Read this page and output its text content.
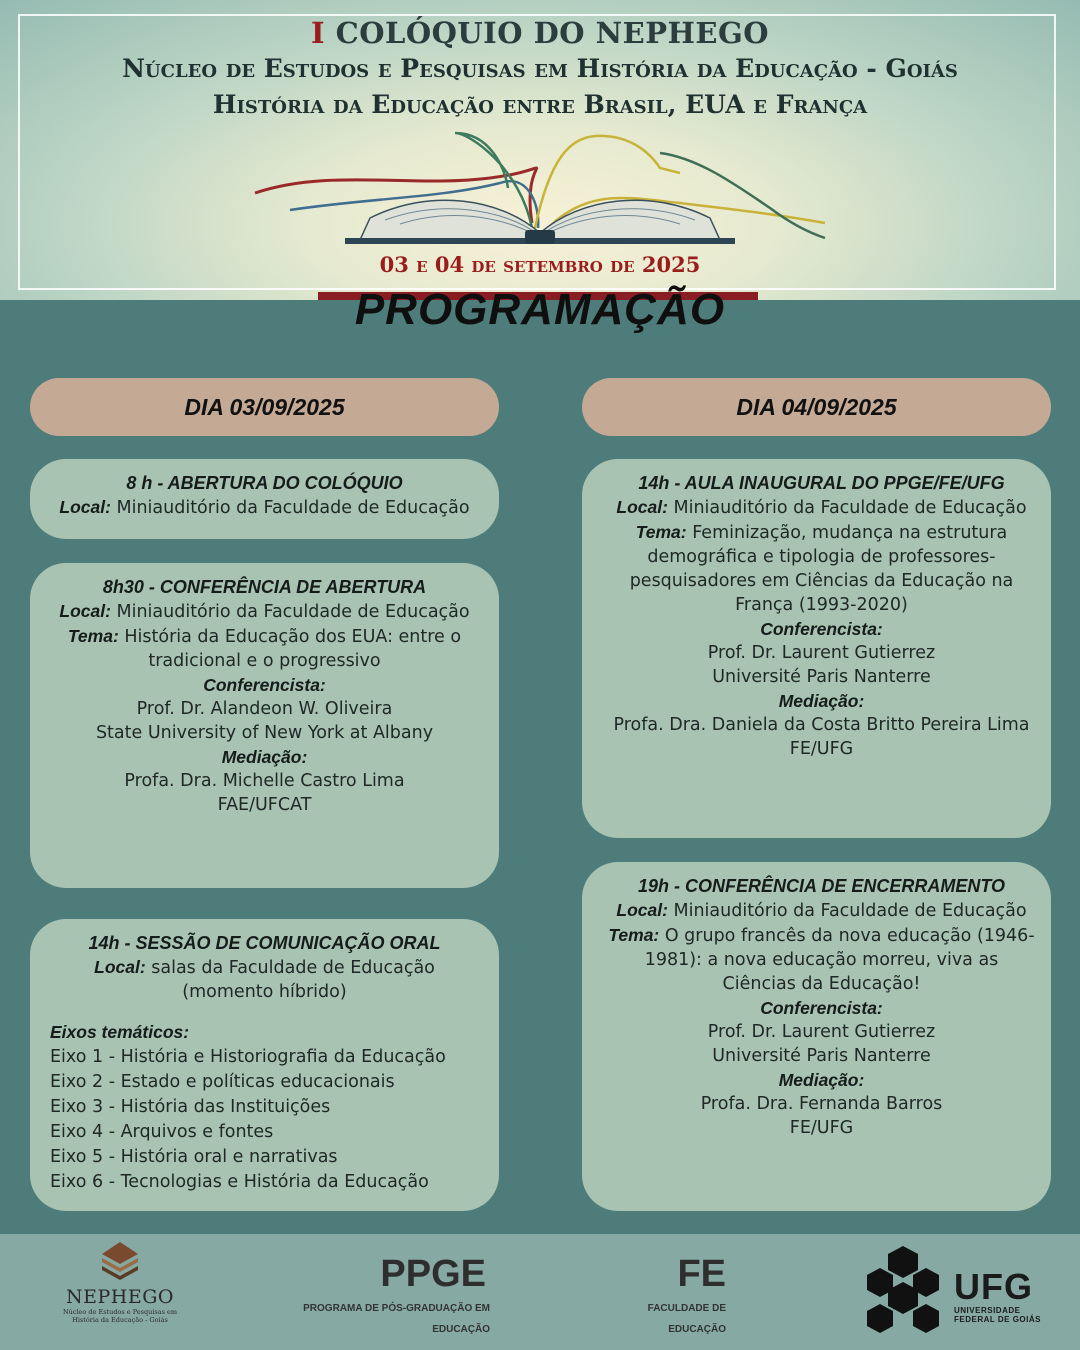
I COLÓQUIO DO NEPHEGO
Núcleo de Estudos e Pesquisas em História da Educação - Goiás
História da Educação entre Brasil, EUA e França
03 e 04 de setembro de 2025
PROGRAMAÇÃO
DIA 03/09/2025	DIA 04/09/2025
8 h - ABERTURA DO COLÓQUIO
Local: Miniauditório da Faculdade de Educação
8h30 - CONFERÊNCIA DE ABERTURA
Local: Miniauditório da Faculdade de Educação
Tema: História da Educação dos EUA: entre o tradicional e o progressivo
Conferencista:
Prof. Dr. Alandeon W. Oliveira
State University of New York at Albany
Mediação:
Profa. Dra. Michelle Castro Lima
FAE/UFCAT
14h - SESSÃO DE COMUNICAÇÃO ORAL
Local: salas da Faculdade de Educação
(momento híbrido)
Eixos temáticos:
Eixo 1 - História e Historiografia da Educação
Eixo 2 - Estado e políticas educacionais
Eixo 3 - História das Instituições
Eixo 4 - Arquivos e fontes
Eixo 5 - História oral e narrativas
Eixo 6 - Tecnologias e História da Educação
14h - AULA INAUGURAL DO PPGE/FE/UFG
Local: Miniauditório da Faculdade de Educação
Tema: Feminização, mudança na estrutura demográfica e tipologia de professores-pesquisadores em Ciências da Educação na França (1993-2020)
Conferencista:
Prof. Dr. Laurent Gutierrez
Université Paris Nanterre
Mediação:
Profa. Dra. Daniela da Costa Britto Pereira Lima
FE/UFG
19h - CONFERÊNCIA DE ENCERRAMENTO
Local: Miniauditório da Faculdade de Educação
Tema: O grupo francês da nova educação (1946-1981): a nova educação morreu, viva as Ciências da Educação!
Conferencista:
Prof. Dr. Laurent Gutierrez
Université Paris Nanterre
Mediação:
Profa. Dra. Fernanda Barros
FE/UFG
NEPHEGO
Núcleo de Estudos e Pesquisas em
História da Educação - Goiás
PPGE
PROGRAMA DE PÓS-GRADUAÇÃO EM
EDUCAÇÃO
FE
FACULDADE DE
EDUCAÇÃO
UFG
UNIVERSIDADE
FEDERAL DE GOIÁS
